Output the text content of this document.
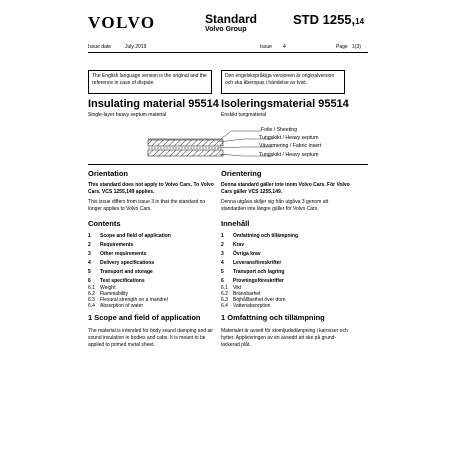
VOLVO	Standard
Volvo Group
STD 1255,14
Issue date	July 2019	Issue 4	Page 1(3)
The English language version is the original and the reference in case of dispute.
Den engelskspråkiga versionen är originalversion och ska åberopas i händelse av tvist.
Insulating material 95514
Single-layer heavy septum material
Isoleringsmaterial 95514
Enskikt tungmaterial
Folie / Sheeting
Tungskikt / Heavy septum
Vävarmering / Fabric insert
Tungskikt / Heavy septum
Orientation
This standard does not apply to Volvo Cars. To Volvo Cars, VCS 1255,149 applies.
This issue differs from issue 3 in that the standard no longer applies to Volvo Cars.
Orientering
Denna standard gäller inte inom Volvo Cars. För Volvo Cars gäller VCS 1255,149.
Denna utgåva skiljer sig från utgåva 3 genom att standarden inte längre gäller för Volvo Cars.
Contents	Innehåll
1 Scope and field of application
2 Requirements
3 Other requirements
4 Delivery specifications
5 Transport and storage
6 Test specifications
6.1 Weight
6.2 Flammability
6.3 Flexural strength on a mandrel
6.4 Absorption of water
1 Omfattning och tillämpning
2 Krav
3 Övriga krav
4 Leveransföreskrifter
5 Transport och lagring
6 Provningsföreskrifter
6.1 Vikt
6.2 Brännbarhet
6.3 Böjhållfasthet över dorn
6.4 Vattenabsorption
1 Scope and field of application
The material is intended for body sound damping and air sound insulation in bodies and cabs. It is meant to be applied to primed metal sheet.
1 Omfattning och tillämpning
Materialet är avsett för stomljudsdämpning i karosser och hytter. Appliceringen av en avsedd att ske på grundlackerad plåt.
